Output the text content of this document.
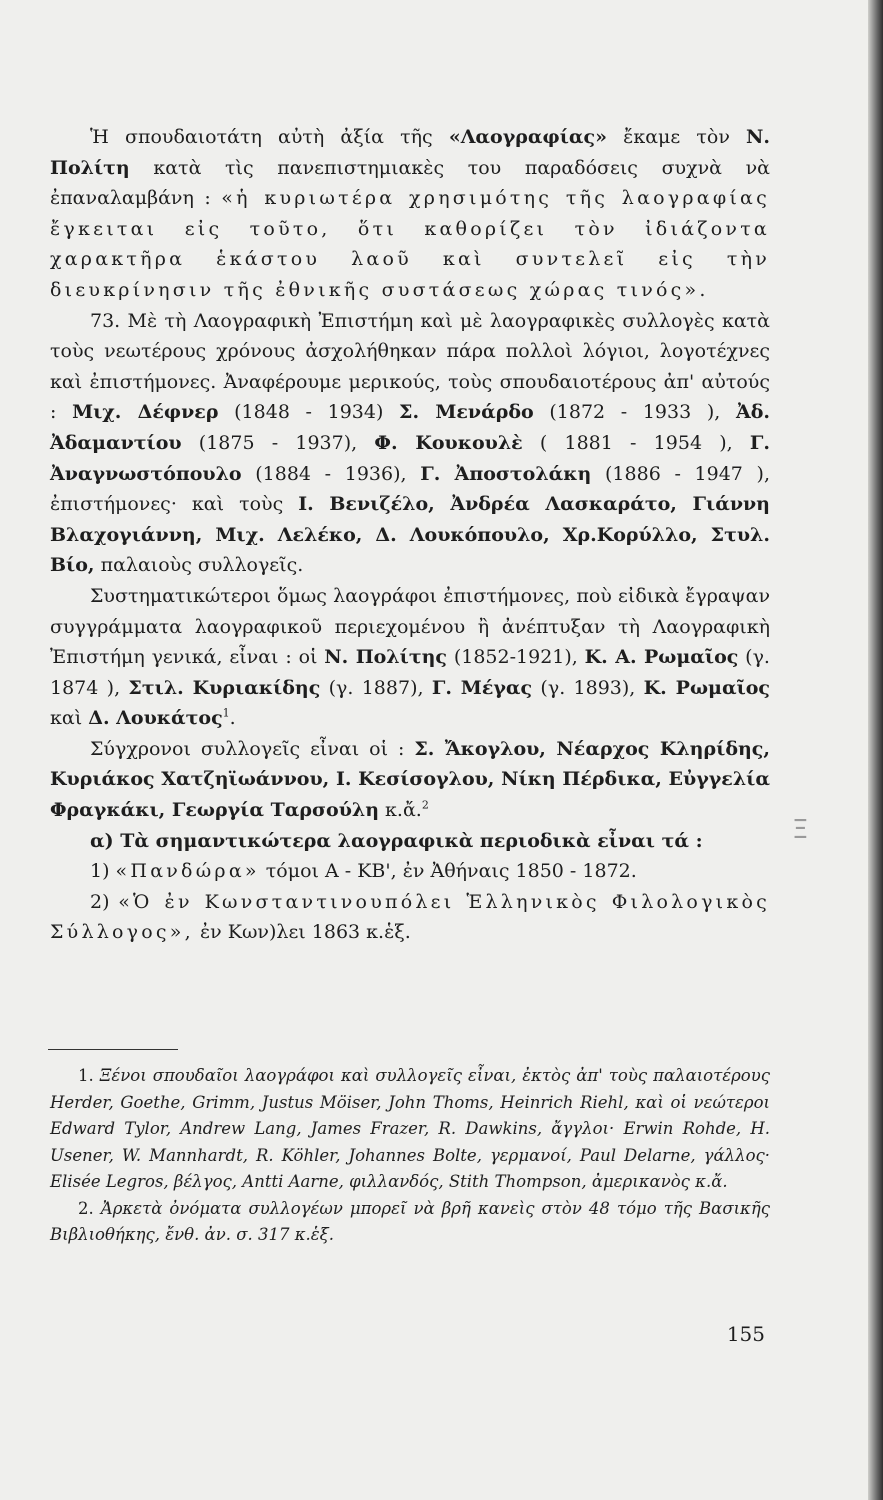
Ἡ σπουδαιοτάτη αὐτὴ ἀξία τῆς «Λαογραφίας» ἔκαμε τὸν Ν. Πολίτη κατὰ τὶς πανεπιστημιακὲς του παραδόσεις συχνὰ νὰ ἐπαναλαμβάνη : «ἡ κυριωτέρα χρησιμότης τῆς λαογραφίας ἔγκειται εἰς τοῦτο, ὅτι καθορίζει τὸν ἰδιάζοντα χαρακτῆρα ἑκάστου λαοῦ καὶ συντελεῖ εἰς τὴν διευκρίνησιν τῆς ἐθνικῆς συστάσεως χώρας τινός».

73. Μὲ τὴ Λαογραφικὴ Ἐπιστήμη καὶ μὲ λαογραφικὲς συλλογὲς κατὰ τοὺς νεωτέρους χρόνους ἀσχολήθηκαν πάρα πολλοὶ λόγιοι, λογοτέχνες καὶ ἐπιστήμονες. Ἀναφέρουμε μερικούς, τοὺς σπουδαιοτέρους ἀπ' αὐτούς : Μιχ. Δέφνερ (1848 - 1934) Σ. Μενάρδο (1872 - 1933 ), Ἀδ. Ἀδαμαντίου (1875 - 1937), Φ. Κουκουλὲ ( 1881 - 1954 ), Γ. Ἀναγνωστόπουλο (1884 - 1936), Γ. Ἀποστολάκη (1886 - 1947 ), ἐπιστήμονες· καὶ τοὺς Ι. Βενιζέλο, Ἀνδρέα Λασκαράτο, Γιάννη Βλαχογιάννη, Μιχ. Λελέκο, Δ. Λουκόπουλο, Χρ.Κορύλλο, Στυλ. Βίο, παλαιοὺς συλλογεῖς.

Συστηματικώτεροι ὅμως λαογράφοι ἐπιστήμονες, ποὺ εἰδικὰ ἔγραψαν συγγράμματα λαογραφικοῦ περιεχομένου ἢ ἀνέπτυξαν τὴ Λαογραφικὴ Ἐπιστήμη γενικά, εἶναι : οἱ Ν. Πολίτης (1852-1921), Κ. Α. Ρωμαῖος (γ. 1874 ), Στιλ. Κυριακίδης (γ. 1887), Γ. Μέγας (γ. 1893), Κ. Ρωμαῖος καὶ Δ. Λουκάτος$^1$.

Σύγχρονοι συλλογεῖς εἶναι οἱ : Σ. Ἄκογλου, Νέαρχος Κληρίδης, Κυριάκος Χατζηϊωάννου, Ι. Κεσίσογλου, Νίκη Πέρδικα, Εὐγγελία Φραγκάκι, Γεωργία Ταρσούλη κ.ἄ.$^2$

α) Τὰ σημαντικώτερα λαογραφικὰ περιοδικὰ εἶναι τά :

1) «Πανδώρα» τόμοι Α - ΚΒ', ἐν Ἀθήναις 1850 - 1872.

2) «Ὁ ἐν Κωνσταντινουπόλει Ἑλληνικὸς Φιλολογικὸς Σύλλογος», ἐν Κων)λει 1863 κ.ἑξ.

1. Ξένοι σπουδαῖοι λαογράφοι καὶ συλλογεῖς εἶναι, ἐκτὸς ἀπ' τοὺς παλαιοτέρους Herder, Goethe, Grimm, Justus Möiser, John Thoms, Heinrich Riehl, καὶ οἱ νεώτεροι Edward Tylor, Andrew Lang, James Frazer, R. Dawkins, ἄγγλοι· Erwin Rohde, H. Usener, W. Mannhardt, R. Köhler, Johannes Bolte, γερμανοί, Paul Delarne, γάλλος· Elisée Legros, βέλγος, Antti Aarne, φιλλανδός, Stith Thompson, ἀμερικανὸς κ.ἄ.

2. Ἀρκετὰ ὀνόματα συλλογέων μπορεῖ νὰ βρῆ κανεὶς στὸν 48 τόμο τῆς Βασικῆς Βιβλιοθήκης, ἔνθ. ἀν. σ. 317 κ.ἑξ.

Ξ
155
